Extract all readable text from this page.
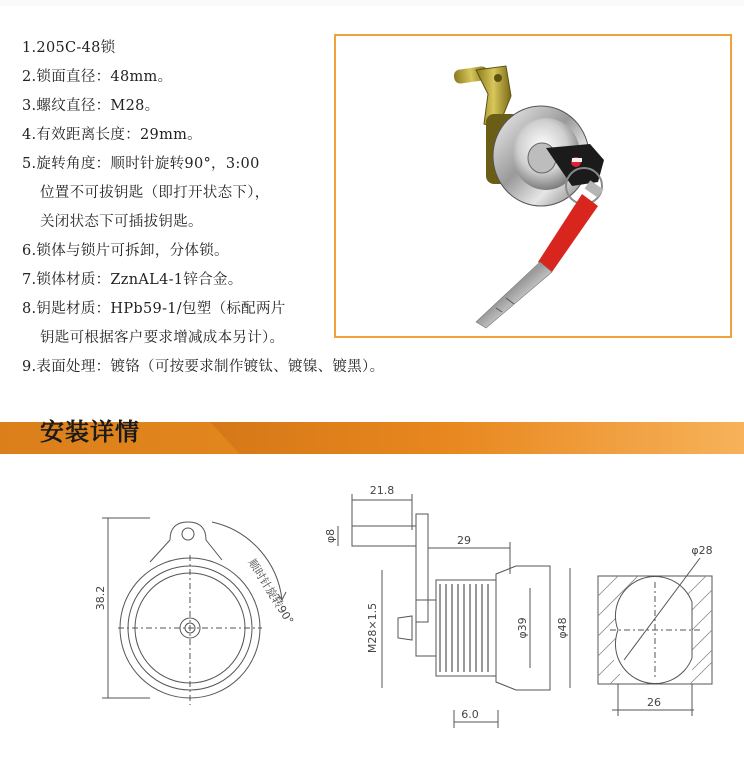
1.205C-48锁
2.锁面直径：48mm。
3.螺纹直径：M28。
4.有效距离长度：29mm。
5.旋转角度：顺时针旋转90°，3:00
位置不可拔钥匙（即打开状态下），
关闭状态下可插拔钥匙。
6.锁体与锁片可拆卸，分体锁。
7.锁体材质：ZznAL4-1锌合金。
8.钥匙材质：HPb59-1/包塑（标配两片
钥匙可根据客户要求增减成本另计）。
9.表面处理：镀铬（可按要求制作镀钛、镀镍、镀黑）。
安装详情
38.2	顺时针旋转90°
21.8
φ8	29
M28×1.5	φ39 φ48
6.0
φ28
26
